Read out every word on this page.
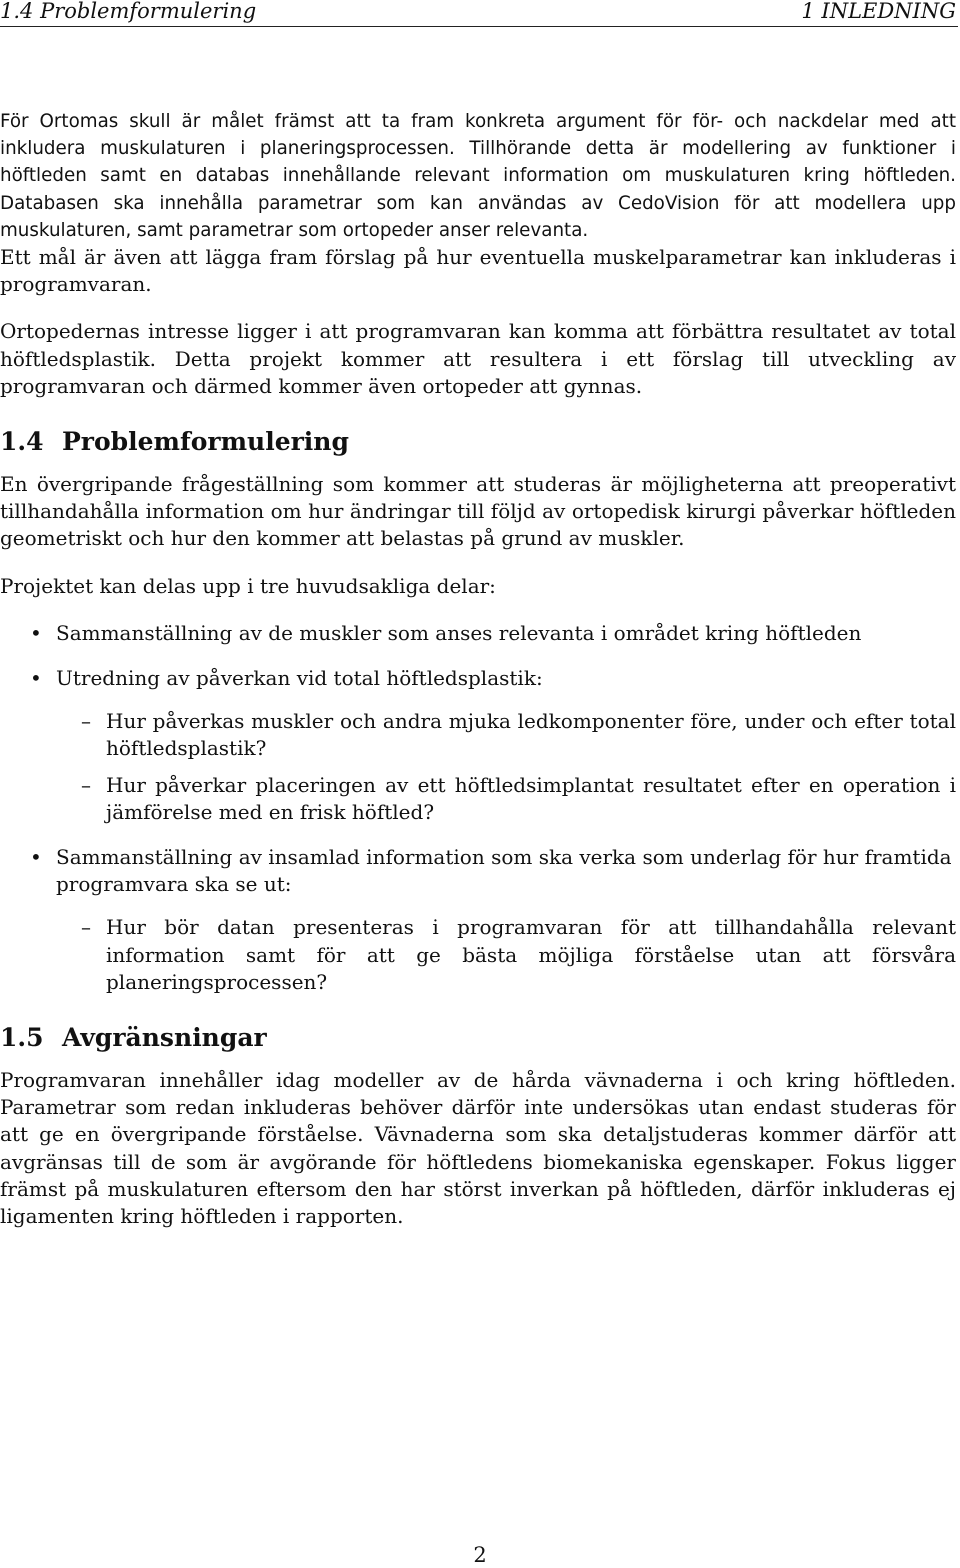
1.4 Problemformulering	1 INLEDNING

För Ortomas skull är målet främst att ta fram konkreta argument för för- och nackdelar med att inkludera muskulaturen i planeringsprocessen. Tillhörande detta är modellering av funktioner i höftleden samt en databas innehållande relevant information om muskulaturen kring höftleden. Databasen ska innehålla parametrar som kan användas av CedoVision för att modellera upp muskulaturen, samt parametrar som ortopeder anser relevanta.

Ett mål är även att lägga fram förslag på hur eventuella muskelparametrar kan inkluderas i programvaran.

Ortopedernas intresse ligger i att programvaran kan komma att förbättra resultatet av total höftledsplastik. Detta projekt kommer att resultera i ett förslag till utveckling av programvaran och därmed kommer även ortopeder att gynnas.

1.4 Problemformulering

En övergripande frågeställning som kommer att studeras är möjligheterna att preoperativt tillhandahålla information om hur ändringar till följd av ortopedisk kirurgi påverkar höftleden geometriskt och hur den kommer att belastas på grund av muskler.

Projektet kan delas upp i tre huvudsakliga delar:

• Sammanställning av de muskler som anses relevanta i området kring höftleden
• Utredning av påverkan vid total höftledsplastik:
– Hur påverkas muskler och andra mjuka ledkomponenter före, under och efter total höftledsplastik?
– Hur påverkar placeringen av ett höftledsimplantat resultatet efter en operation i jämförelse med en frisk höftled?
• Sammanställning av insamlad information som ska verka som underlag för hur framtida programvara ska se ut:
– Hur bör datan presenteras i programvaran för att tillhandahålla relevant information samt för att ge bästa möjliga förståelse utan att försvåra planeringsprocessen?
1.5 Avgränsningar

Programvaran innehåller idag modeller av de hårda vävnaderna i och kring höftleden. Parametrar som redan inkluderas behöver därför inte undersökas utan endast studeras för att ge en övergripande förståelse. Vävnaderna som ska detaljstuderas kommer därför att avgränsas till de som är avgörande för höftledens biomekaniska egenskaper. Fokus ligger främst på muskulaturen eftersom den har störst inverkan på höftleden, därför inkluderas ej ligamenten kring höftleden i rapporten.

2
